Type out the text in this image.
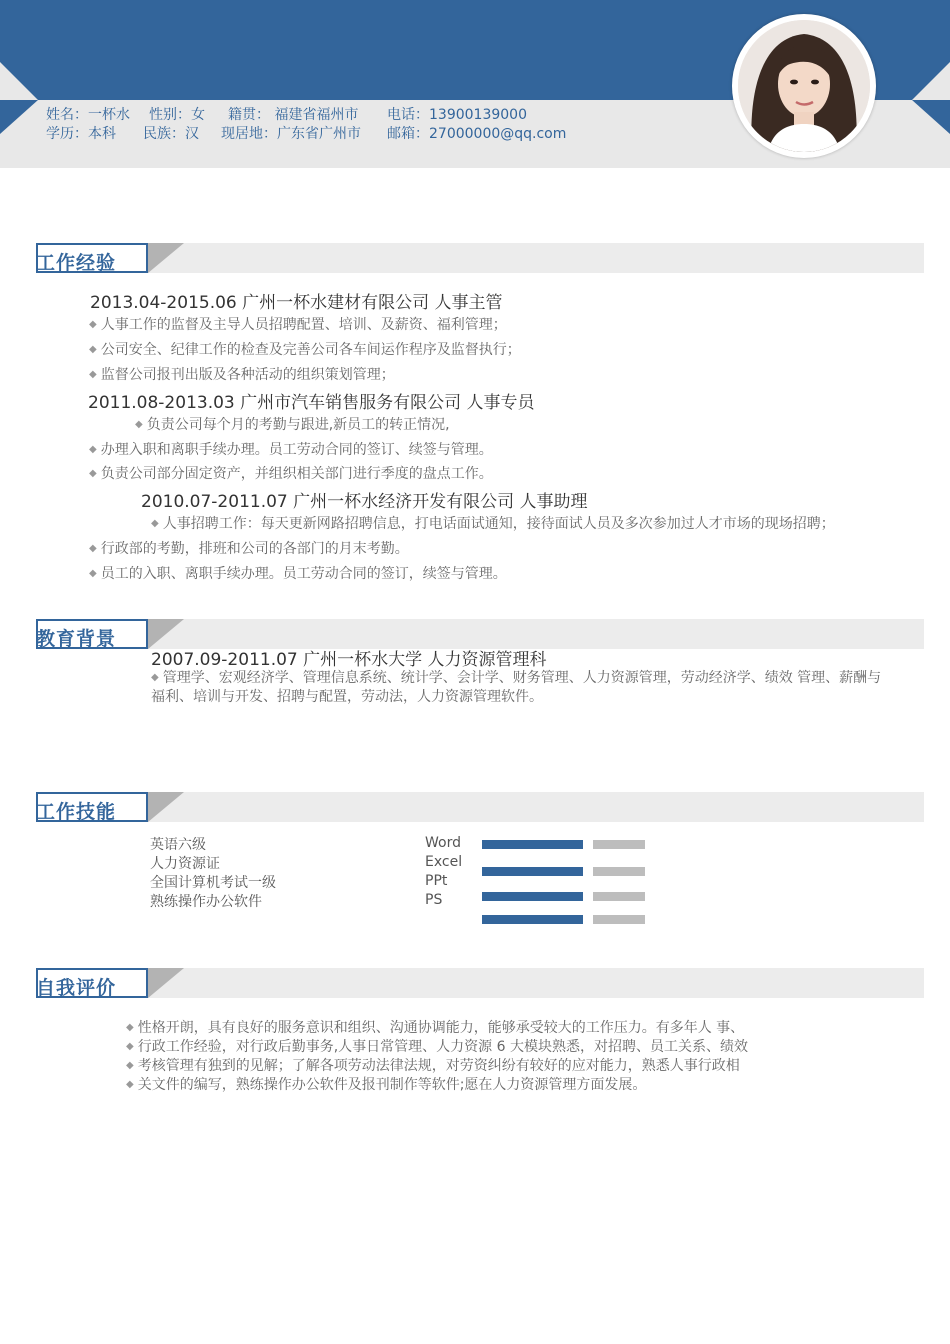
姓名：一杯水 性别：女 籍贯： 福建省福州市 电话：13900139000
学历：本科 民族：汉 现居地：广东省广州市 邮箱：27000000@qq.com
工作经验
2013.04-2015.06 广州一杯水建材有限公司 人事主管
◆ 人事工作的监督及主导人员招聘配置、培训、及薪资、福利管理；
◆ 公司安全、纪律工作的检查及完善公司各车间运作程序及监督执行；
◆ 监督公司报刊出版及各种活动的组织策划管理；
2011.08-2013.03 广州市汽车销售服务有限公司 人事专员
◆ 负责公司每个月的考勤与跟进,新员工的转正情况,
◆ 办理入职和离职手续办理。员工劳动合同的签订、续签与管理。
◆ 负责公司部分固定资产，并组织相关部门进行季度的盘点工作。
2010.07-2011.07 广州一杯水经济开发有限公司 人事助理
◆ 人事招聘工作：每天更新网路招聘信息，打电话面试通知，接待面试人员及多次参加过人才市场的现场招聘；
◆ 行政部的考勤，排班和公司的各部门的月末考勤。
◆ 员工的入职、离职手续办理。员工劳动合同的签订，续签与管理。
教育背景
2007.09-2011.07 广州一杯水大学 人力资源管理科
◆ 管理学、宏观经济学、管理信息系统、统计学、会计学、财务管理、人力资源管理，劳动经济学、绩效 管理、薪酬与
福利、培训与开发、招聘与配置，劳动法，人力资源管理软件。
工作技能
英语六级
人力资源证
全国计算机考试一级
熟练操作办公软件
Word
Excel
PPt
PS
自我评价
◆ 性格开朗，具有良好的服务意识和组织、沟通协调能力，能够承受较大的工作压力。有多年人 事、
◆ 行政工作经验，对行政后勤事务,人事日常管理、人力资源 6 大模块熟悉，对招聘、员工关系、绩效
◆ 考核管理有独到的见解；了解各项劳动法律法规，对劳资纠纷有较好的应对能力，熟悉人事行政相
◆ 关文件的编写，熟练操作办公软件及报刊制作等软件;愿在人力资源管理方面发展。
